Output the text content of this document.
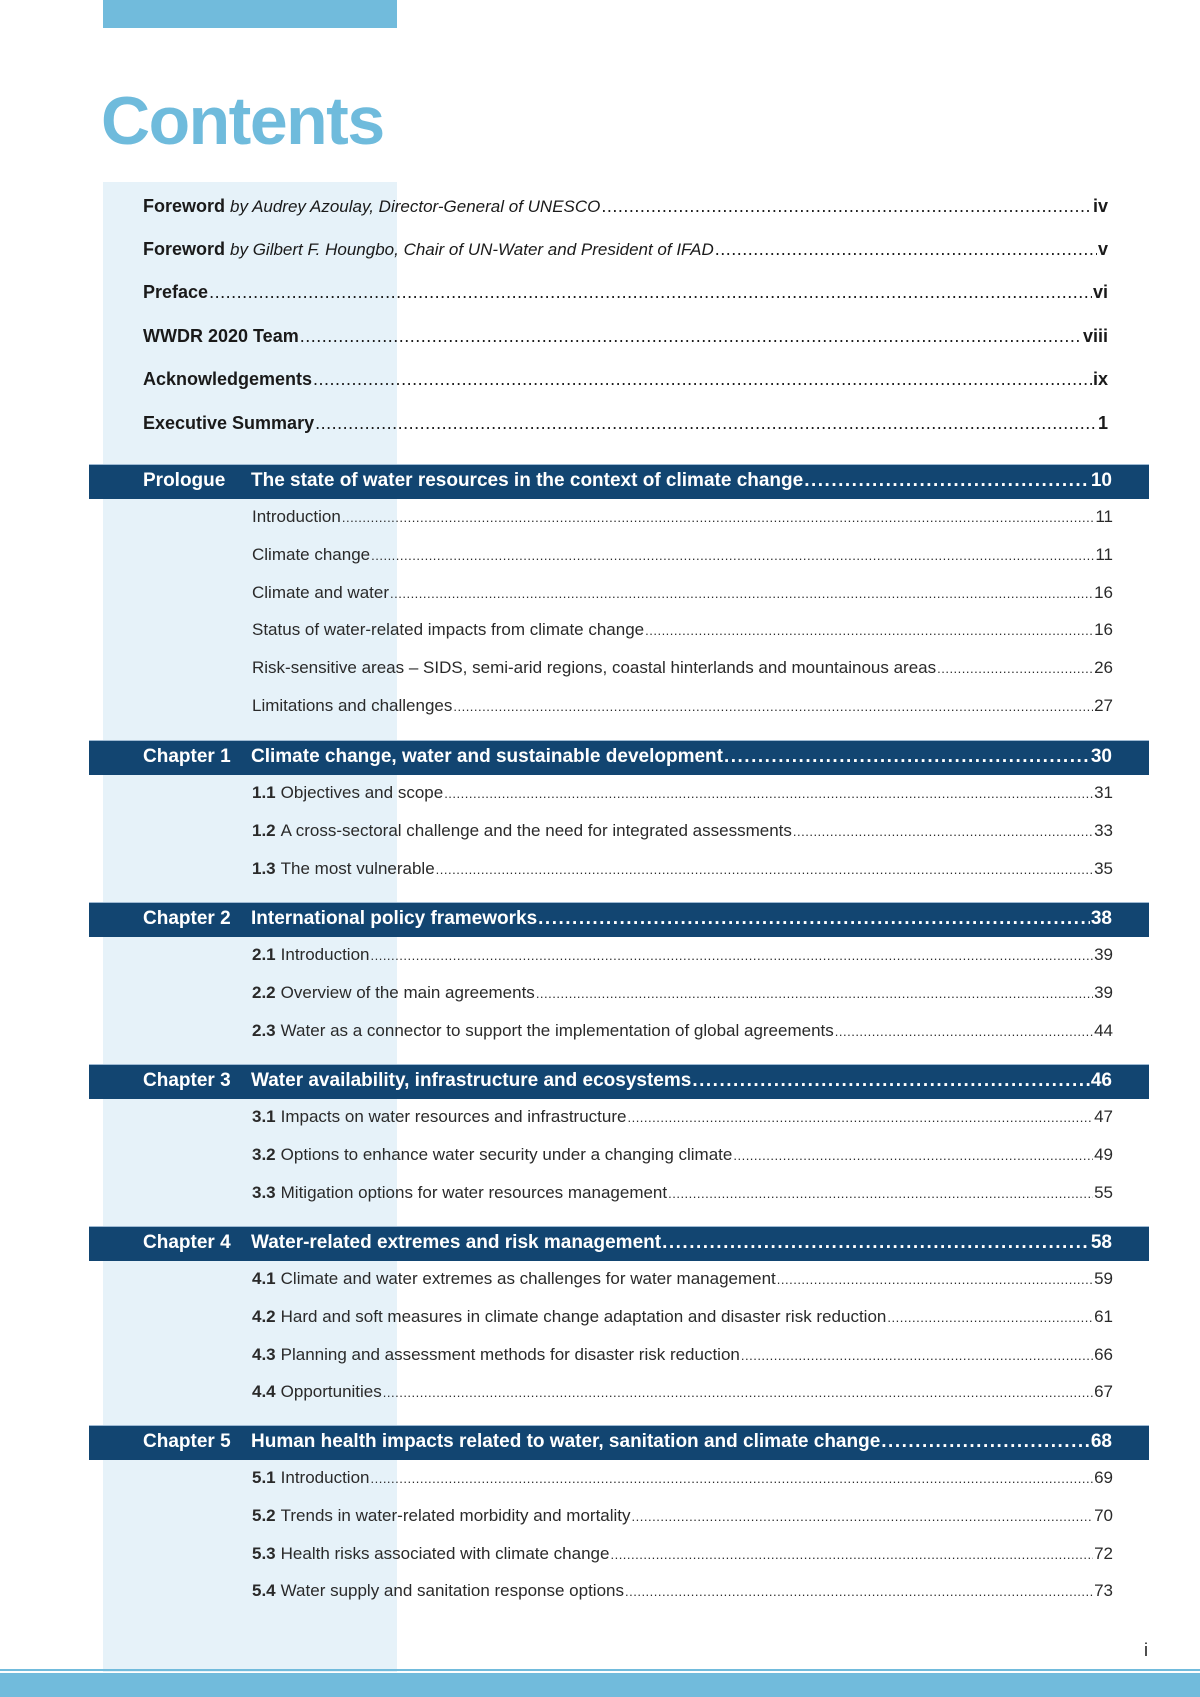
Contents
Foreword by Audrey Azoulay, Director-General of UNESCO .....	iv
Foreword by Gilbert F. Houngbo, Chair of UN-Water and President of IFAD .....	v
Preface .....	vi
WWDR 2020 Team .....	viii
Acknowledgements .....	ix
Executive Summary .....	1
Prologue	The state of water resources in the context of climate change .....	10
Introduction .....	11
Climate change .....	11
Climate and water .....	16
Status of water-related impacts from climate change .....	16
Risk-sensitive areas – SIDS, semi-arid regions, coastal hinterlands and mountainous areas .....	26
Limitations and challenges .....	27
Chapter 1	Climate change, water and sustainable development .....	30
1.1 Objectives and scope .....	31
1.2 A cross-sectoral challenge and the need for integrated assessments .....	33
1.3 The most vulnerable .....	35
Chapter 2	International policy frameworks .....	38
2.1 Introduction .....	39
2.2 Overview of the main agreements .....	39
2.3 Water as a connector to support the implementation of global agreements .....	44
Chapter 3	Water availability, infrastructure and ecosystems .....	46
3.1 Impacts on water resources and infrastructure .....	47
3.2 Options to enhance water security under a changing climate .....	49
3.3 Mitigation options for water resources management .....	55
Chapter 4	Water-related extremes and risk management .....	58
4.1 Climate and water extremes as challenges for water management .....	59
4.2 Hard and soft measures in climate change adaptation and disaster risk reduction .....	61
4.3 Planning and assessment methods for disaster risk reduction .....	66
4.4 Opportunities .....	67
Chapter 5	Human health impacts related to water, sanitation and climate change .....	68
5.1 Introduction .....	69
5.2 Trends in water-related morbidity and mortality .....	70
5.3 Health risks associated with climate change .....	72
5.4 Water supply and sanitation response options .....	73
i
